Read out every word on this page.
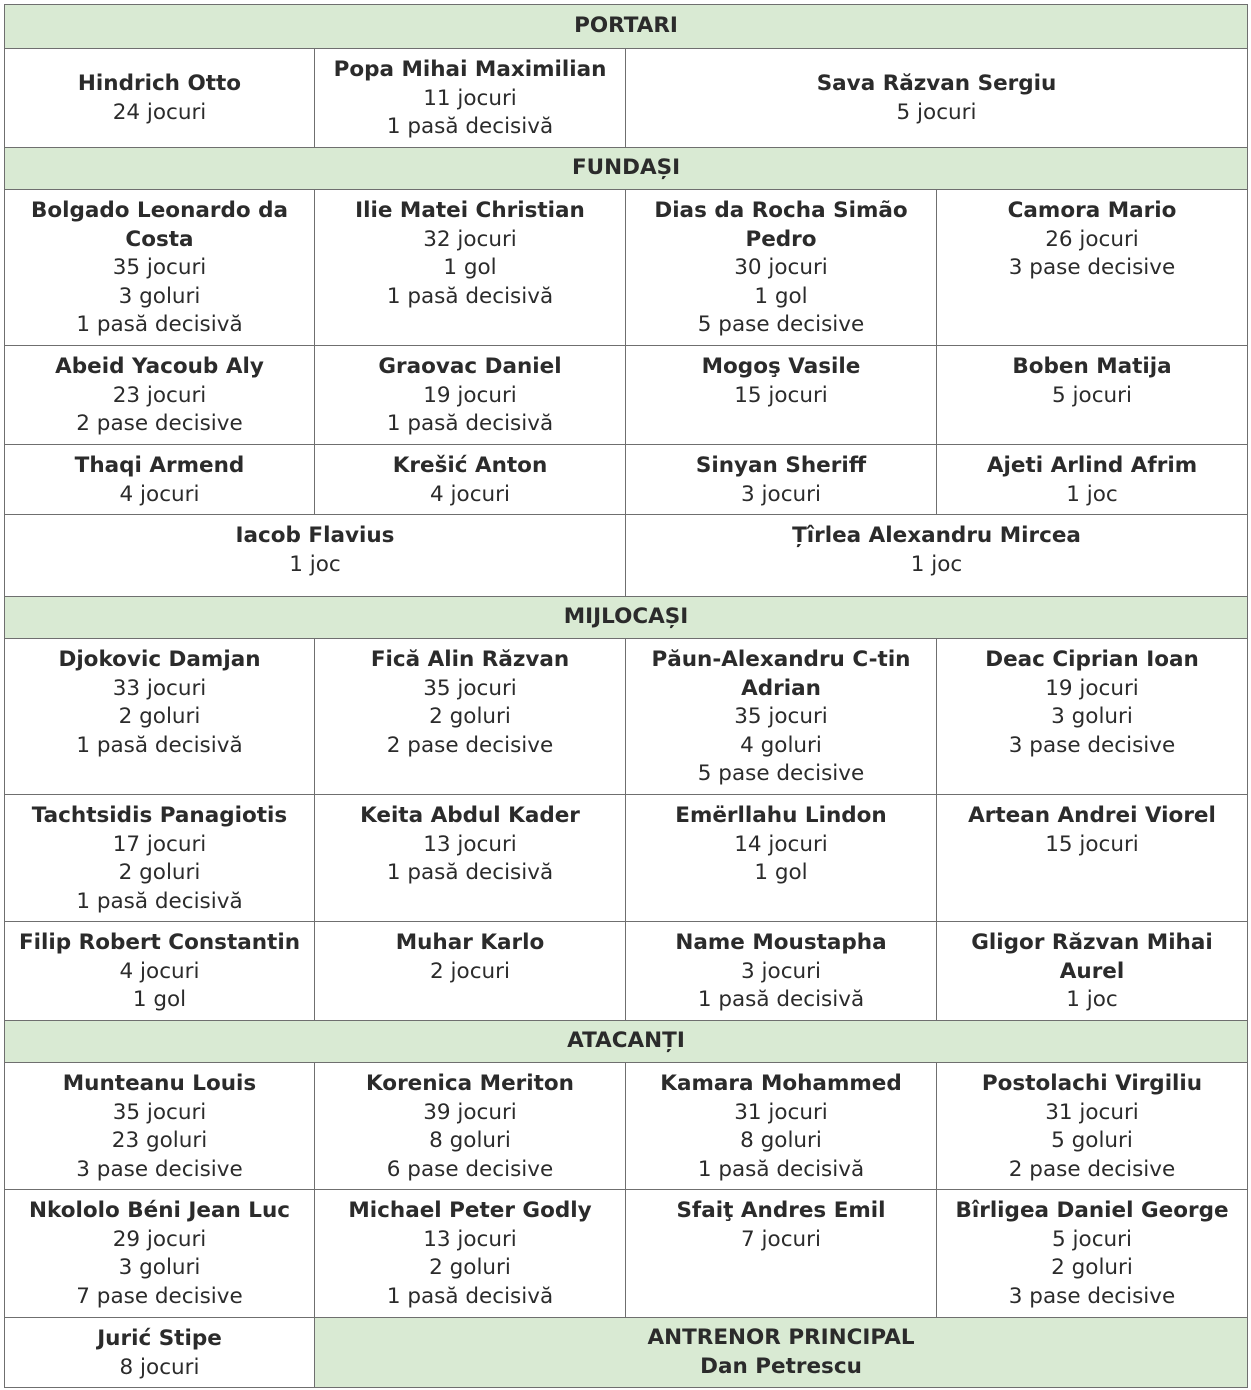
PORTARI			

Hindrich Otto
24 jocuri	Popa Mihai Maximilian
11 jocuri
1 pasă decisivă	Sava Răzvan Sergiu
5 jocuri	

FUNDAȘI			

Bolgado Leonardo da Costa
35 jocuri
3 goluri
1 pasă decisivă	Ilie Matei Christian
32 jocuri
1 gol
1 pasă decisivă	Dias da Rocha Simão Pedro
30 jocuri
1 gol
5 pase decisive	Camora Mario
26 jocuri
3 pase decisive

Abeid Yacoub Aly
23 jocuri
2 pase decisive	Graovac Daniel
19 jocuri
1 pasă decisivă	Mogoş Vasile
15 jocuri	Boben Matija
5 jocuri

Thaqi Armend
4 jocuri	Krešić Anton
4 jocuri	Sinyan Sheriff
3 jocuri	Ajeti Arlind Afrim
1 joc

Iacob Flavius
1 joc		Țîrlea Alexandru Mircea
1 joc	

MIJLOCAȘI			

Djokovic Damjan
33 jocuri
2 goluri
1 pasă decisivă	Fică Alin Răzvan
35 jocuri
2 goluri
2 pase decisive	Păun-Alexandru C-tin Adrian
35 jocuri
4 goluri
5 pase decisive	Deac Ciprian Ioan
19 jocuri
3 goluri
3 pase decisive

Tachtsidis Panagiotis
17 jocuri
2 goluri
1 pasă decisivă	Keita Abdul Kader
13 jocuri
1 pasă decisivă	Emërllahu Lindon
14 jocuri
1 gol	Artean Andrei Viorel
15 jocuri

Filip Robert Constantin
4 jocuri
1 gol	Muhar Karlo
2 jocuri	Name Moustapha
3 jocuri
1 pasă decisivă	Gligor Răzvan Mihai Aurel
1 joc

ATACANȚI			

Munteanu Louis
35 jocuri
23 goluri
3 pase decisive	Korenica Meriton
39 jocuri
8 goluri
6 pase decisive	Kamara Mohammed
31 jocuri
8 goluri
1 pasă decisivă	Postolachi Virgiliu
31 jocuri
5 goluri
2 pase decisive

Nkololo Béni Jean Luc
29 jocuri
3 goluri
7 pase decisive	Michael Peter Godly
13 jocuri
2 goluri
1 pasă decisivă	Sfaiţ Andres Emil
7 jocuri	Bîrligea Daniel George
5 jocuri
2 goluri
3 pase decisive

Jurić Stipe
8 jocuri	ANTRENOR PRINCIPAL
Dan Petrescu		
